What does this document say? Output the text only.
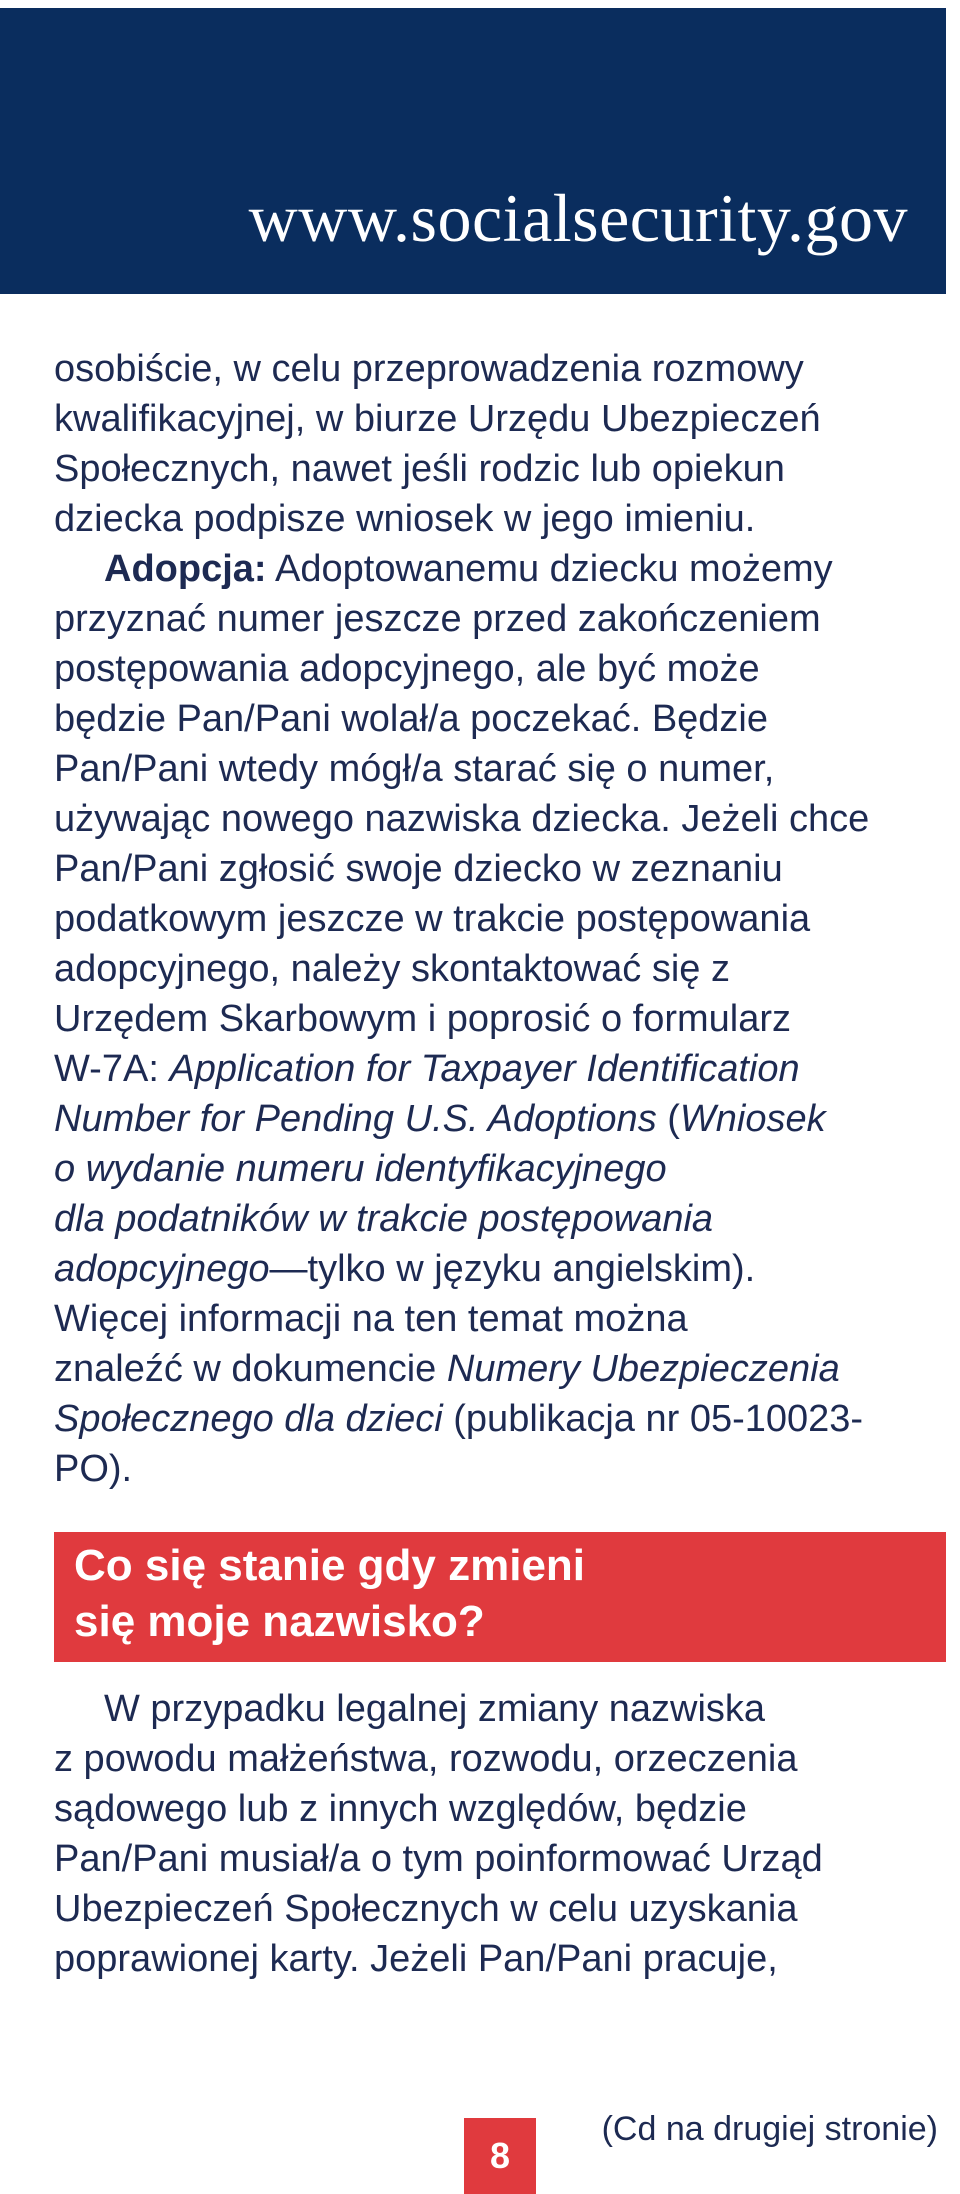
www.socialsecurity.gov
osobiście, w celu przeprowadzenia rozmowy
kwalifikacyjnej, w biurze Urzędu Ubezpieczeń
Społecznych, nawet jeśli rodzic lub opiekun
dziecka podpisze wniosek w jego imieniu.
Adopcja: Adoptowanemu dziecku możemy
przyznać numer jeszcze przed zakończeniem
postępowania adopcyjnego, ale być może
będzie Pan/Pani wolał/a poczekać. Będzie
Pan/Pani wtedy mógł/a starać się o numer,
używając nowego nazwiska dziecka. Jeżeli chce
Pan/Pani zgłosić swoje dziecko w zeznaniu
podatkowym jeszcze w trakcie postępowania
adopcyjnego, należy skontaktować się z
Urzędem Skarbowym i poprosić o formularz
W-7A: Application for Taxpayer Identification
Number for Pending U.S. Adoptions (Wniosek
o wydanie numeru identyfikacyjnego
dla podatników w trakcie postępowania
adopcyjnego—tylko w języku angielskim).
Więcej informacji na ten temat można
znaleźć w dokumencie Numery Ubezpieczenia
Społecznego dla dzieci (publikacja nr 05-10023-
PO).
Co się stanie gdy zmieni
się moje nazwisko?
W przypadku legalnej zmiany nazwiska
z powodu małżeństwa, rozwodu, orzeczenia
sądowego lub z innych względów, będzie
Pan/Pani musiał/a o tym poinformować Urząd
Ubezpieczeń Społecznych w celu uzyskania
poprawionej karty. Jeżeli Pan/Pani pracuje,
8
(Cd na drugiej stronie)
